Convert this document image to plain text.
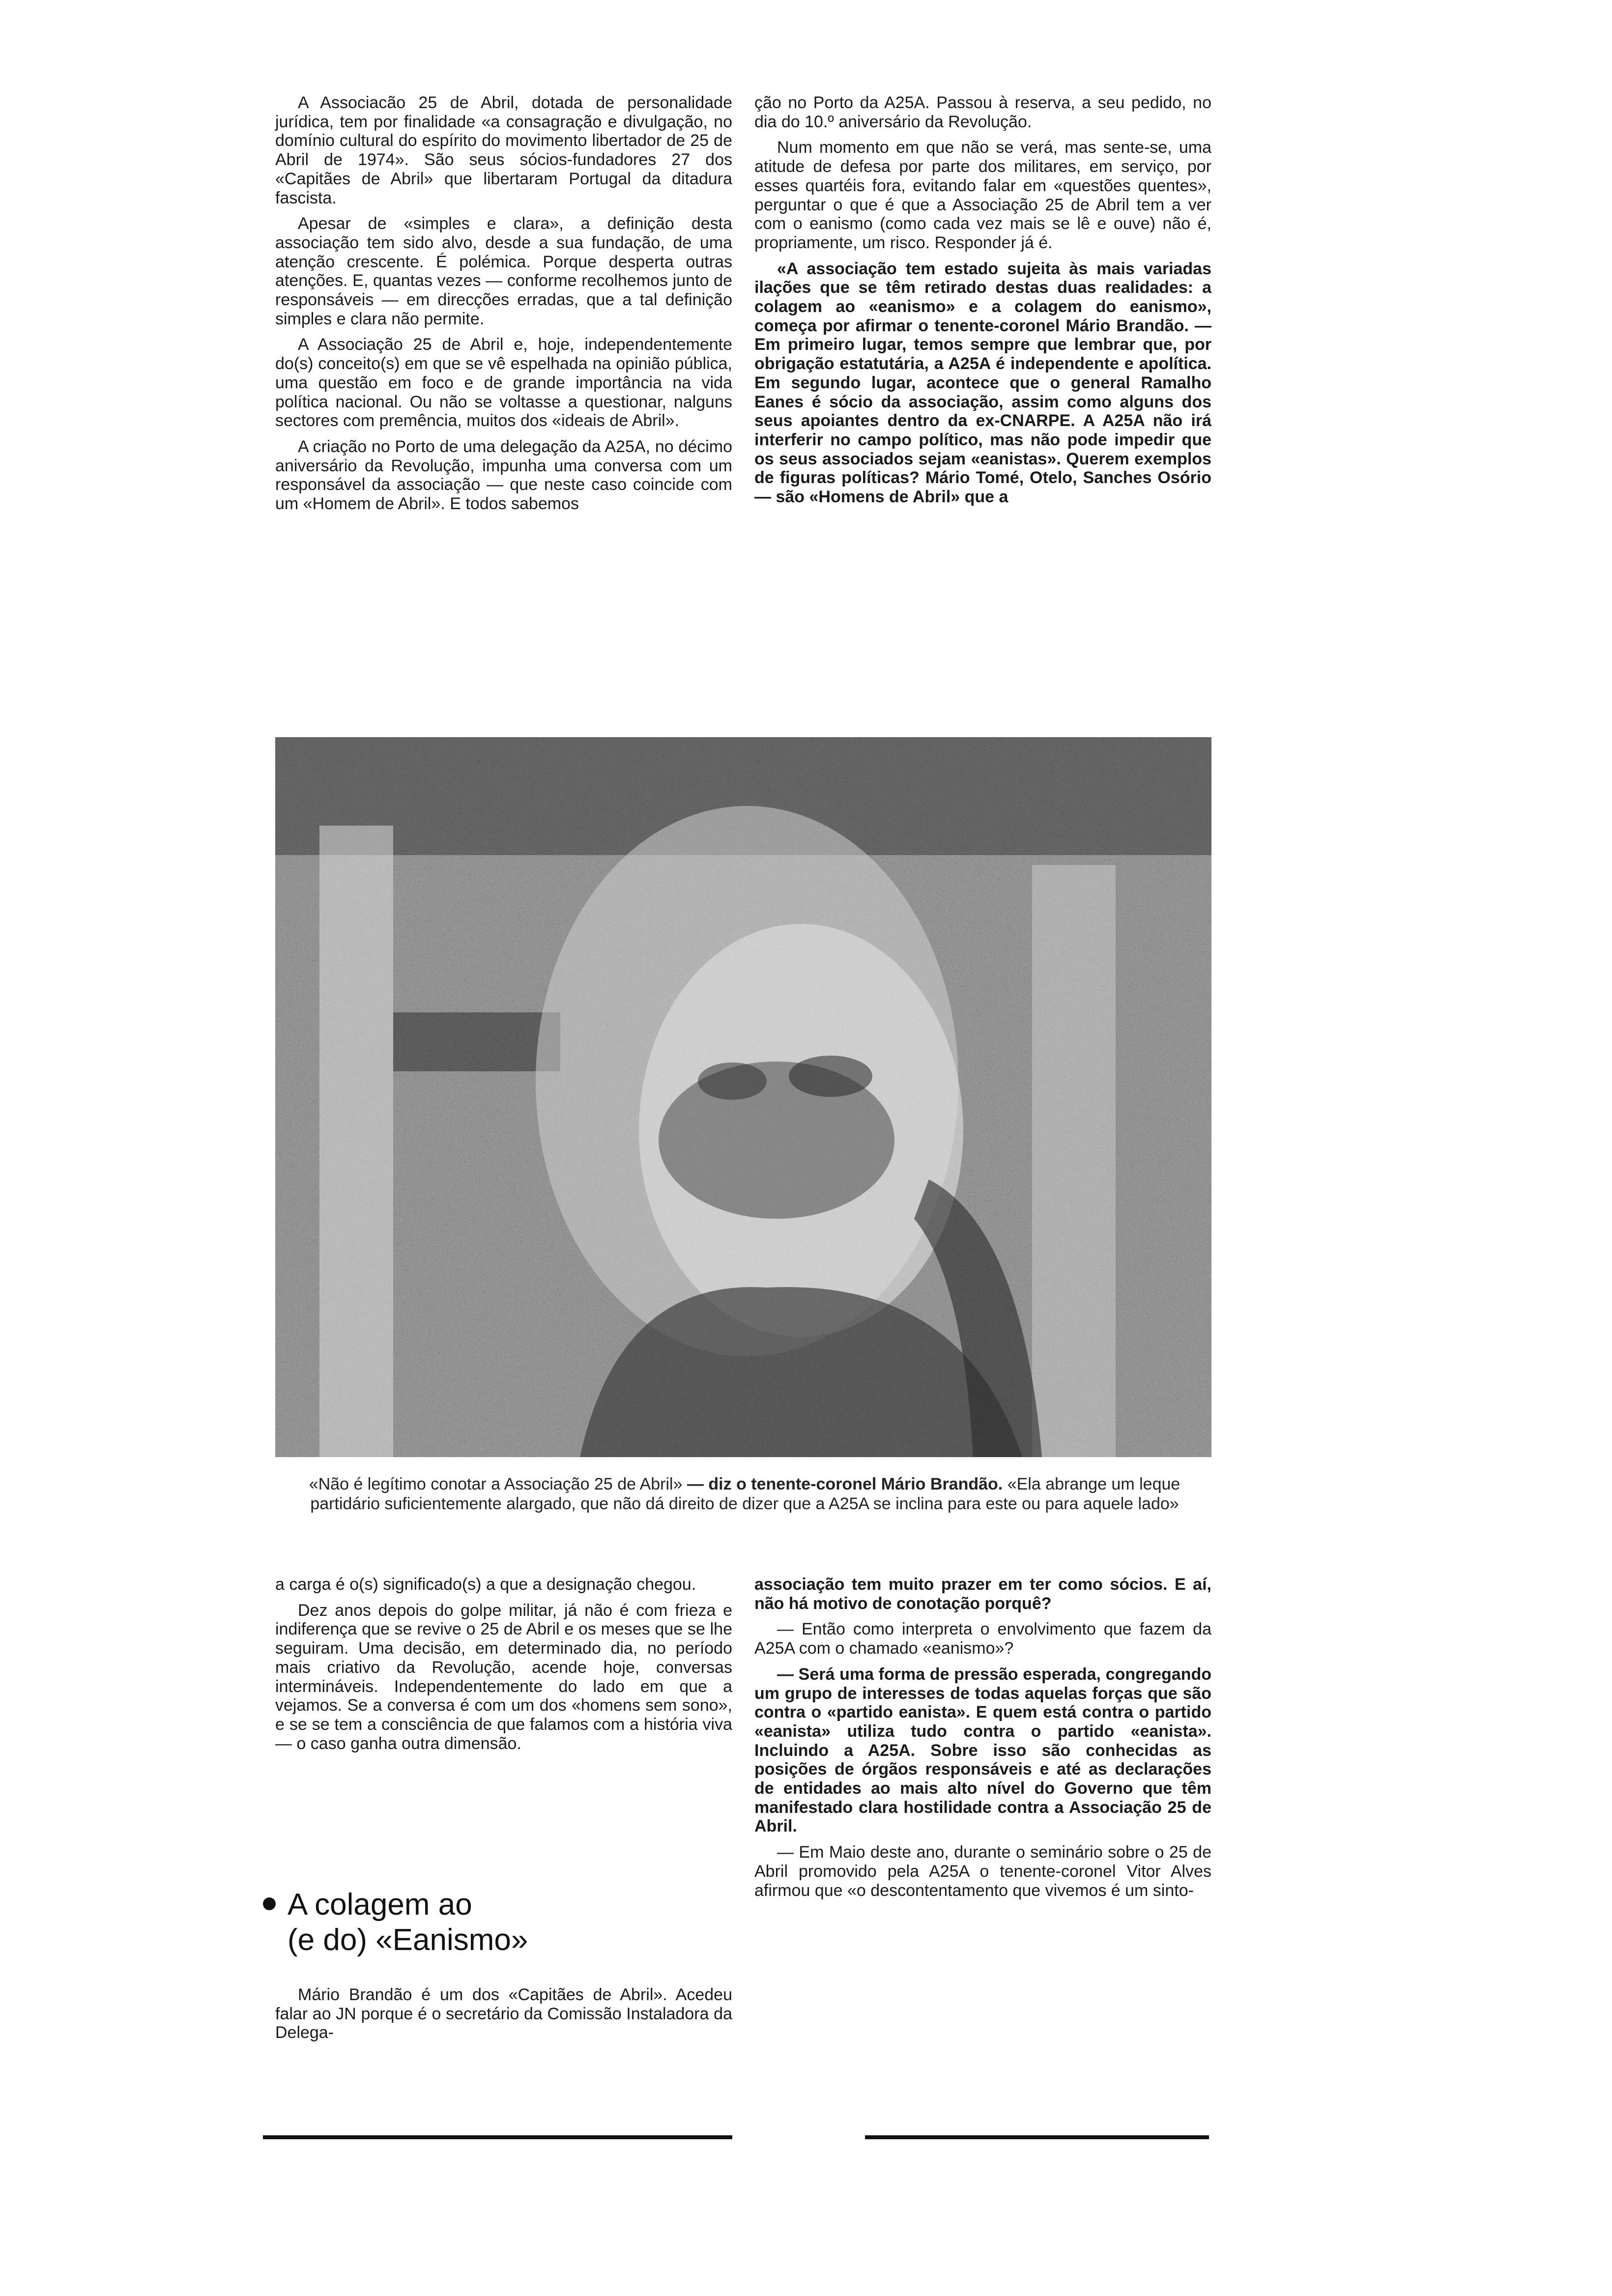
A Associacão 25 de Abril, dotada de personalidade jurídica, tem por finalidade «a consagração e divulgação, no domínio cultural do espírito do movimento libertador de 25 de Abril de 1974». São seus sócios-fundadores 27 dos «Capitães de Abril» que libertaram Portugal da ditadura fascista.

Apesar de «simples e clara», a definição desta associação tem sido alvo, desde a sua fundação, de uma atenção crescente. É polémica. Porque desperta outras atenções. E, quantas vezes — conforme recolhemos junto de responsáveis — em direcções erradas, que a tal definição simples e clara não permite.

A Associação 25 de Abril e, hoje, independentemente do(s) conceito(s) em que se vê espelhada na opinião pública, uma questão em foco e de grande importância na vida política nacional. Ou não se voltasse a questionar, nalguns sectores com premência, muitos dos «ideais de Abril».

A criação no Porto de uma delegação da A25A, no décimo aniversário da Revolução, impunha uma conversa com um responsável da associação — que neste caso coincide com um «Homem de Abril». E todos sabemos

ção no Porto da A25A. Passou à reserva, a seu pedido, no dia do 10.º aniversário da Revolução.

Num momento em que não se verá, mas sente-se, uma atitude de defesa por parte dos militares, em serviço, por esses quartéis fora, evitando falar em «questões quentes», perguntar o que é que a Associação 25 de Abril tem a ver com o eanismo (como cada vez mais se lê e ouve) não é, propriamente, um risco. Responder já é.

«A associação tem estado sujeita às mais variadas ilações que se têm retirado destas duas realidades: a colagem ao «eanismo» e a colagem do eanismo», começa por afirmar o tenente-coronel Mário Brandão. — Em primeiro lugar, temos sempre que lembrar que, por obrigação estatutária, a A25A é independente e apolítica. Em segundo lugar, acontece que o general Ramalho Eanes é sócio da associação, assim como alguns dos seus apoiantes dentro da ex-CNARPE. A A25A não irá interferir no campo político, mas não pode impedir que os seus associados sejam «eanistas». Querem exemplos de figuras políticas? Mário Tomé, Otelo, Sanches Osório — são «Homens de Abril» que a

«Não é legítimo conotar a Associação 25 de Abril» — diz o tenente-coronel Mário Brandão. «Ela abrange um leque partidário suficientemente alargado, que não dá direito de dizer que a A25A se inclina para este ou para aquele lado»

a carga é o(s) significado(s) a que a designação chegou.

Dez anos depois do golpe militar, já não é com frieza e indiferença que se revive o 25 de Abril e os meses que se lhe seguiram. Uma decisão, em determinado dia, no período mais criativo da Revolução, acende hoje, conversas intermináveis. Independentemente do lado em que a vejamos. Se a conversa é com um dos «homens sem sono», e se se tem a consciência de que falamos com a história viva — o caso ganha outra dimensão.

A colagem ao
(e do) «Eanismo»

Mário Brandão é um dos «Capitães de Abril». Acedeu falar ao JN porque é o secretário da Comissão Instaladora da Delega-

associação tem muito prazer em ter como sócios. E aí, não há motivo de conotação porquê?

— Então como interpreta o envolvimento que fazem da A25A com o chamado «eanismo»?

— Será uma forma de pressão esperada, congregando um grupo de interesses de todas aquelas forças que são contra o «partido eanista». E quem está contra o partido «eanista» utiliza tudo contra o partido «eanista». Incluindo a A25A. Sobre isso são conhecidas as posições de órgãos responsáveis e até as declarações de entidades ao mais alto nível do Governo que têm manifestado clara hostilidade contra a Associação 25 de Abril.

— Em Maio deste ano, durante o seminário sobre o 25 de Abril promovido pela A25A o tenente-coronel Vitor Alves afirmou que «o descontentamento que vivemos é um sinto-
